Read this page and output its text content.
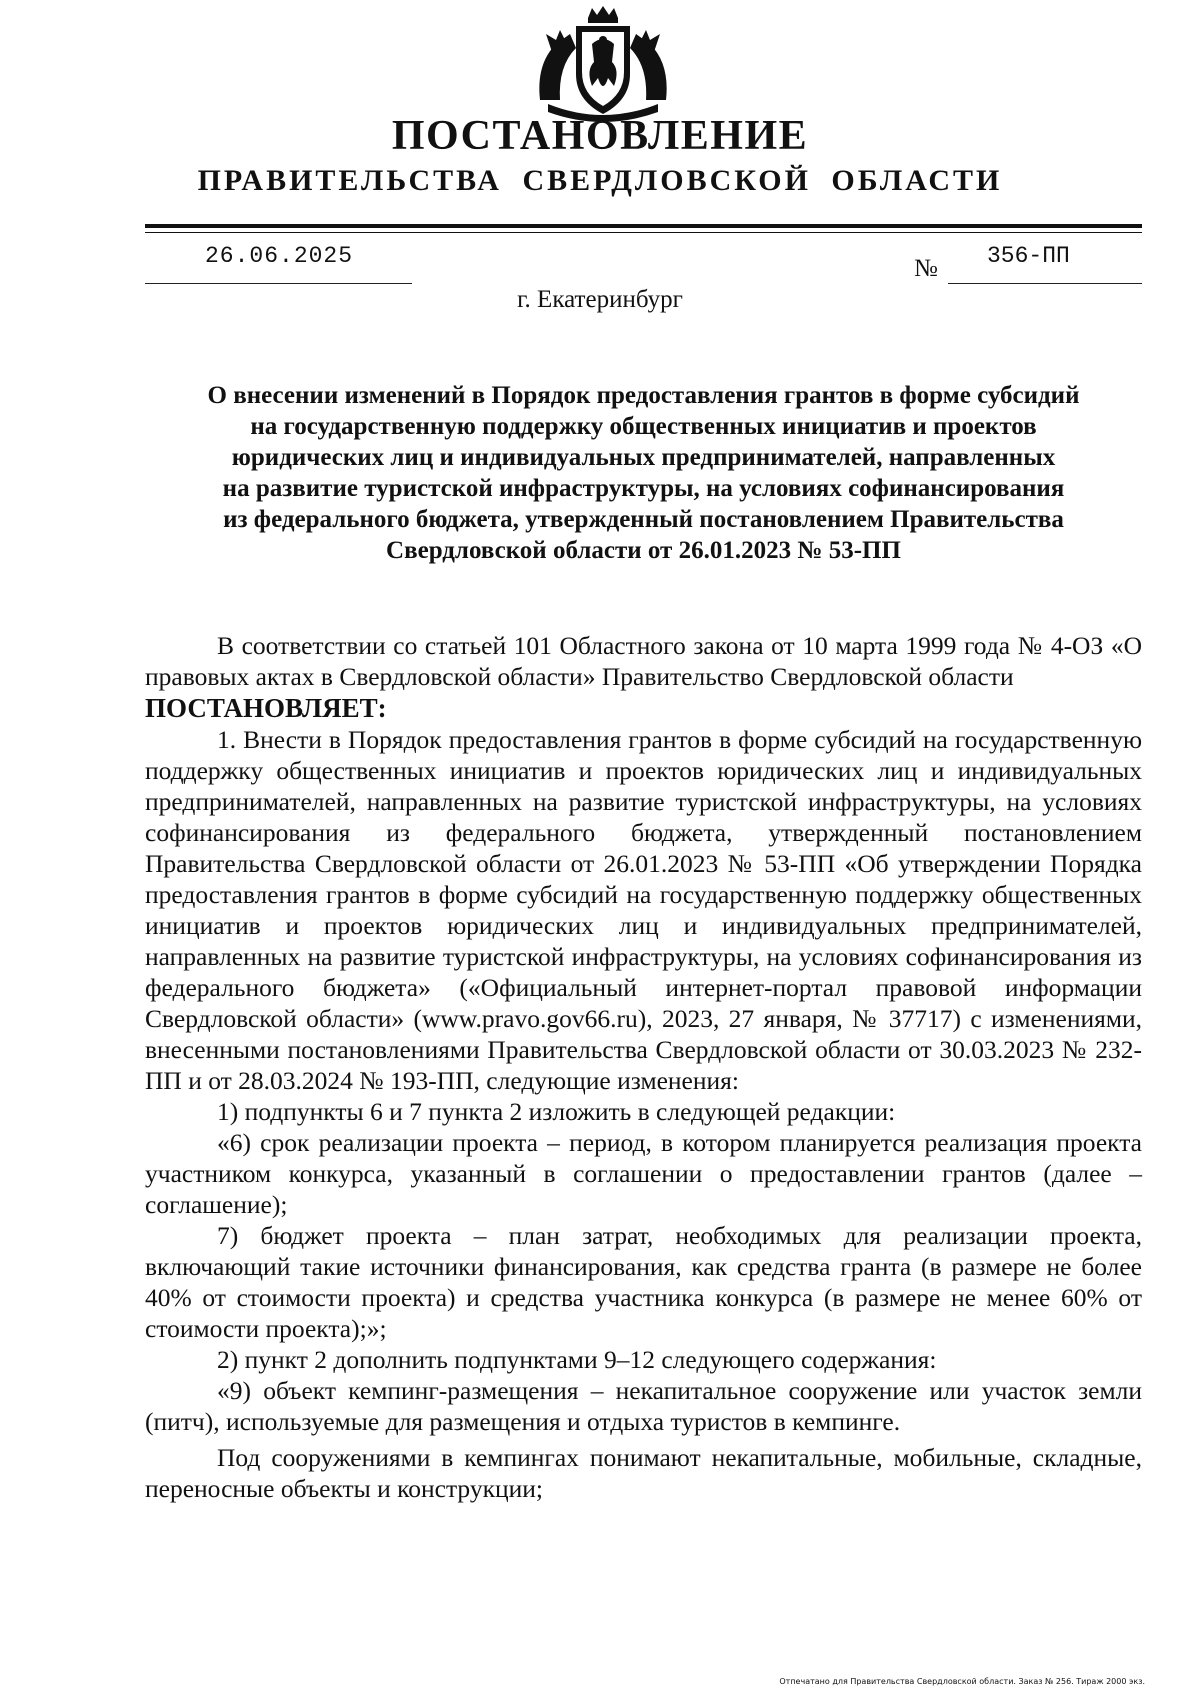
ПОСТАНОВЛЕНИЕ
ПРАВИТЕЛЬСТВА СВЕРДЛОВСКОЙ ОБЛАСТИ
26.06.2025	№ 356-ПП
г. Екатеринбург
О внесении изменений в Порядок предоставления грантов в форме субсидий
на государственную поддержку общественных инициатив и проектов
юридических лиц и индивидуальных предпринимателей, направленных
на развитие туристской инфраструктуры, на условиях софинансирования
из федерального бюджета, утвержденный постановлением Правительства
Свердловской области от 26.01.2023 № 53-ПП

В соответствии со статьей 101 Областного закона от 10 марта 1999 года № 4-ОЗ «О правовых актах в Свердловской области» Правительство Свердловской области

ПОСТАНОВЛЯЕТ:

1. Внести в Порядок предоставления грантов в форме субсидий на государственную поддержку общественных инициатив и проектов юридических лиц и индивидуальных предпринимателей, направленных на развитие туристской инфраструктуры, на условиях софинансирования из федерального бюджета, утвержденный постановлением Правительства Свердловской области от 26.01.2023 № 53-ПП «Об утверждении Порядка предоставления грантов в форме субсидий на государственную поддержку общественных инициатив и проектов юридических лиц и индивидуальных предпринимателей, направленных на развитие туристской инфраструктуры, на условиях софинансирования из федерального бюджета» («Официальный интернет-портал правовой информации Свердловской области» (www.pravo.gov66.ru), 2023, 27 января, № 37717) с изменениями, внесенными постановлениями Правительства Свердловской области от 30.03.2023 № 232-ПП и от 28.03.2024 № 193-ПП, следующие изменения:

1) подпункты 6 и 7 пункта 2 изложить в следующей редакции:

«6) срок реализации проекта – период, в котором планируется реализация проекта участником конкурса, указанный в соглашении о предоставлении грантов (далее – соглашение);

7) бюджет проекта – план затрат, необходимых для реализации проекта, включающий такие источники финансирования, как средства гранта (в размере не более 40% от стоимости проекта) и средства участника конкурса (в размере не менее 60% от стоимости проекта);»;

2) пункт 2 дополнить подпунктами 9–12 следующего содержания:

«9) объект кемпинг-размещения – некапитальное сооружение или участок земли (питч), используемые для размещения и отдыха туристов в кемпинге.

Под сооружениями в кемпингах понимают некапитальные, мобильные, складные, переносные объекты и конструкции;

Отпечатано для Правительства Свердловской области. Заказ № 256. Тираж 2000 экз.
